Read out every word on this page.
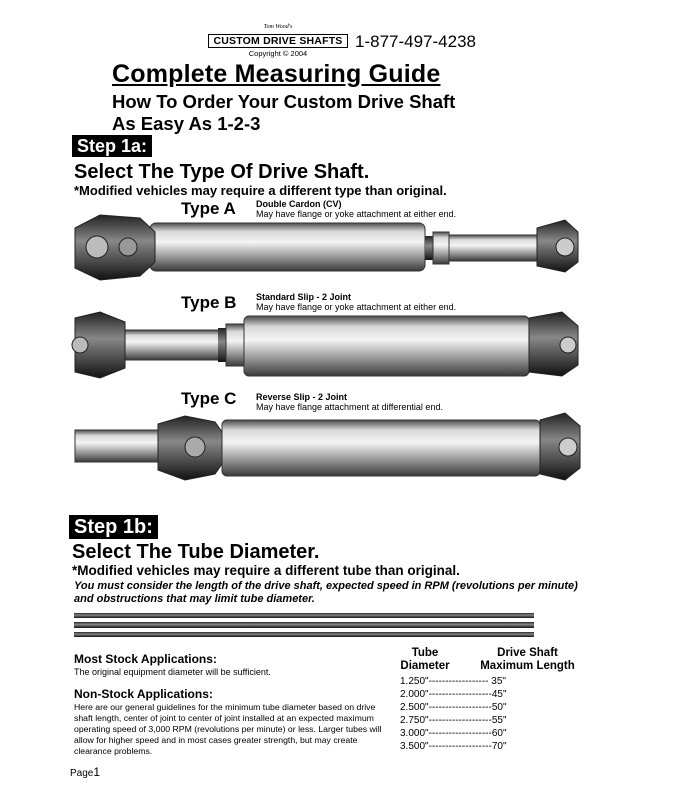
Tom Wood's
CUSTOM DRIVE SHAFTS
Copyright © 2004
1-877-497-4238
Complete Measuring Guide
How To Order Your Custom Drive Shaft
As Easy As 1-2-3
Step 1a:
Select The Type Of Drive Shaft.
*Modified vehicles may require a different type than original.
Type A Double Cardon (CV)
May have flange or yoke attachment at either end.
Type B Standard Slip - 2 Joint
May have flange or yoke attachment at either end.
Type C Reverse Slip - 2 Joint
May have flange attachment at differential end.
Step 1b:
Select The Tube Diameter.
*Modified vehicles may require a different tube than original.
You must consider the length of the drive shaft, expected speed in RPM (revolutions per minute) and obstructions that may limit tube diameter.
Most Stock Applications:
The original equipment diameter will be sufficient.
Non-Stock Applications:
Here are our general guidelines for the minimum tube diameter based on drive shaft length, center of joint to center of joint installed at an expected maximum operating speed of 3,000 RPM (revolutions per minute) or less. Larger tubes will allow for higher speed and in most cases greater strength, but may create clearance problems.
Tube
Diameter
Drive Shaft
Maximum Length
1.250"------------------ 35"
2.000"-------------------45"
2.500"-------------------50"
2.750"-------------------55"
3.000"-------------------60"
3.500"-------------------70"
Page1
